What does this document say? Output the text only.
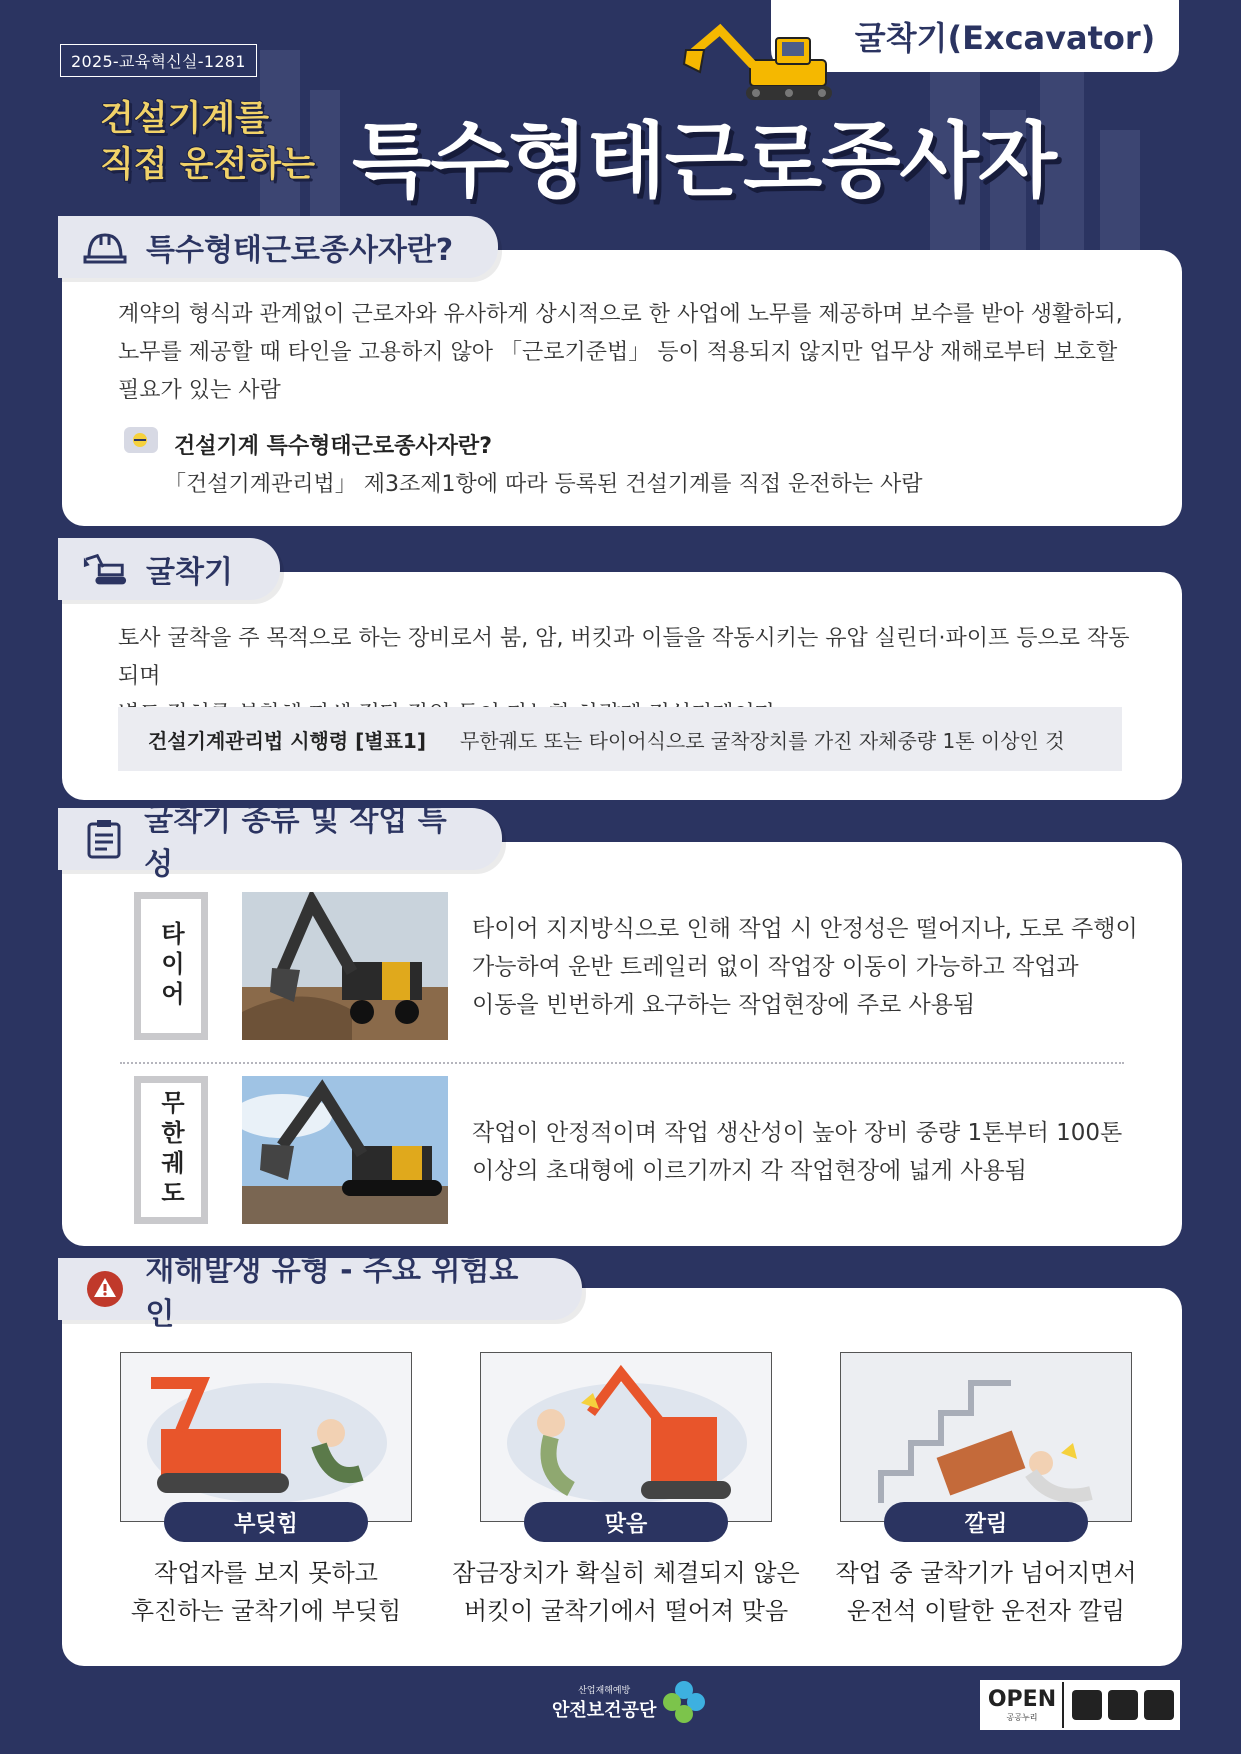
2025-교육혁신실-1281
굴착기(Excavator)
건설기계를
직접 운전하는 특수형태근로종사자
특수형태근로종사자란?
계약의 형식과 관계없이 근로자와 유사하게 상시적으로 한 사업에 노무를 제공하며 보수를 받아 생활하되,
노무를 제공할 때 타인을 고용하지 않아 「근로기준법」 등이 적용되지 않지만 업무상 재해로부터 보호할
필요가 있는 사람
건설기계 특수형태근로종사자란?
「건설기계관리법」 제3조제1항에 따라 등록된 건설기계를 직접 운전하는 사람
굴착기
토사 굴착을 주 목적으로 하는 장비로서 붐, 암, 버킷과 이들을 작동시키는 유압 실린더·파이프 등으로 작동되며
건설기계관리법 시행령 [별표1] 무한궤도 또는 타이어식으로 굴착장치를 가진 자체중량 1톤 이상인 것
굴착기 종류 및 작업 특성
타이어	타이어 지지방식으로 인해 작업 시 안정성은 떨어지나, 도로 주행이
가능하여 운반 트레일러 없이 작업장 이동이 가능하고 작업과
이동을 빈번하게 요구하는 작업현장에 주로 사용됨
무한궤도	작업이 안정적이며 작업 생산성이 높아 장비 중량 1톤부터 100톤
이상의 초대형에 이르기까지 각 작업현장에 넓게 사용됨
재해발생 유형 - 주요 위험요인
부딪힘
작업자를 보지 못하고
후진하는 굴착기에 부딪힘
맞음
잠금장치가 확실히 체결되지 않은
버킷이 굴착기에서 떨어져 맞음
깔림
작업 중 굴착기가 넘어지면서
운전석 이탈한 운전자 깔림
산업재해예방
안전보건공단	OPEN
공공누리
